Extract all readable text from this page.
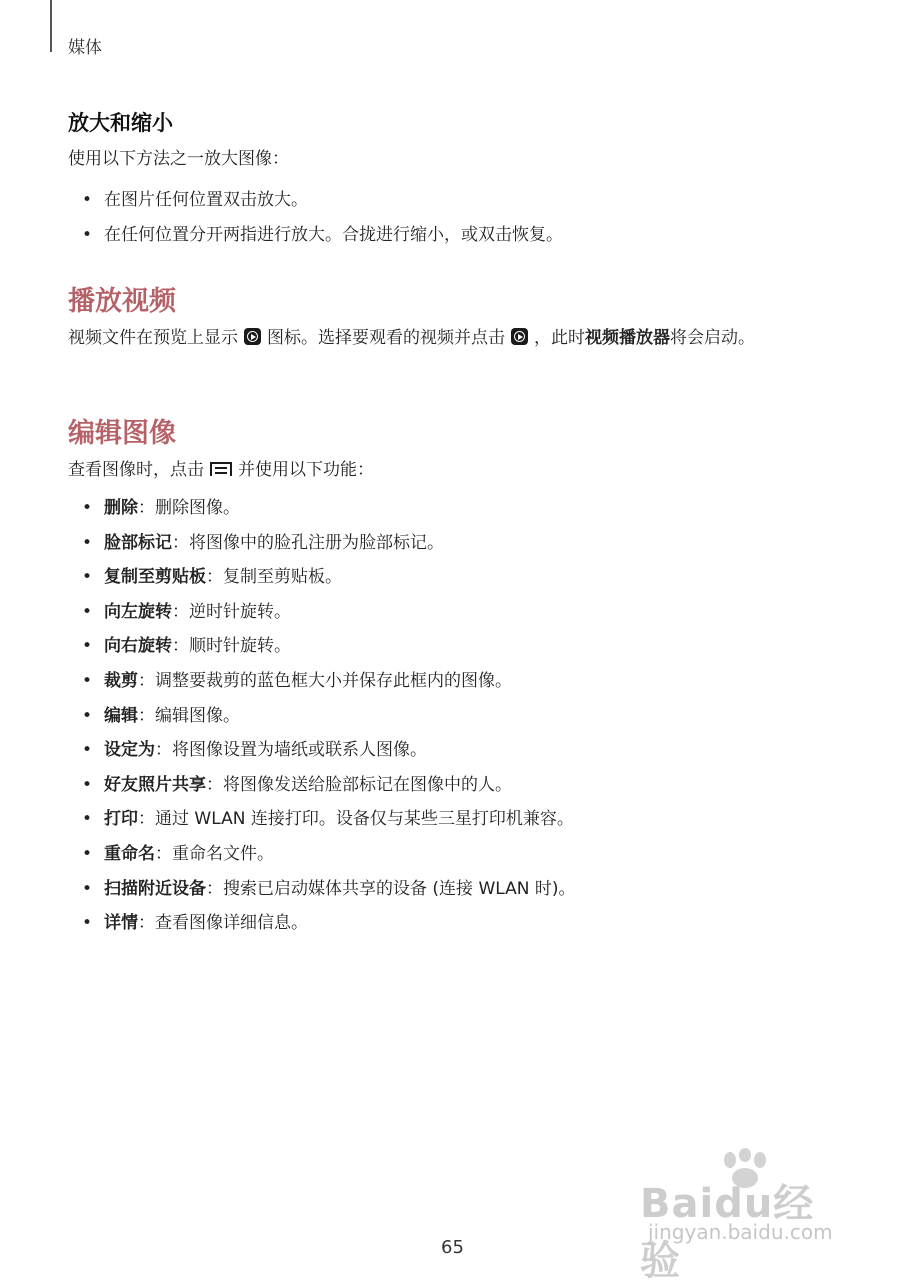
媒体
放大和缩小

使用以下方法之一放大图像：

• 在图片任何位置双击放大。
• 在任何位置分开两指进行放大。合拢进行缩小，或双击恢复。
播放视频

视频文件在预览上显示 图标。选择要观看的视频并点击 ，此时视频播放器将会启动。

编辑图像

查看图像时，点击 并使用以下功能：

• 删除：删除图像。
• 脸部标记：将图像中的脸孔注册为脸部标记。
• 复制至剪贴板：复制至剪贴板。
• 向左旋转：逆时针旋转。
• 向右旋转：顺时针旋转。
• 裁剪：调整要裁剪的蓝色框大小并保存此框内的图像。
• 编辑：编辑图像。
• 设定为：将图像设置为墙纸或联系人图像。
• 好友照片共享：将图像发送给脸部标记在图像中的人。
• 打印：通过 WLAN 连接打印。设备仅与某些三星打印机兼容。
• 重命名：重命名文件。
• 扫描附近设备：搜索已启动媒体共享的设备 (连接 WLAN 时)。
• 详情：查看图像详细信息。
Baidu经验
jingyan.baidu.com
65
